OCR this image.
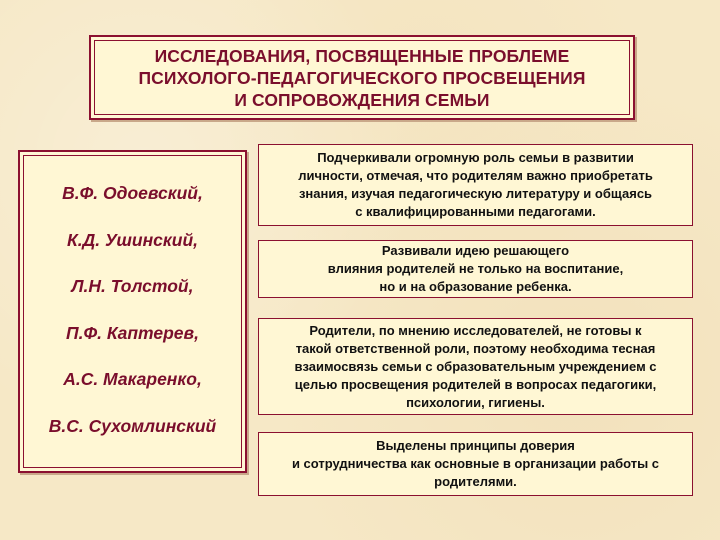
ИССЛЕДОВАНИЯ, ПОСВЯЩЕННЫЕ ПРОБЛЕМЕ
ПСИХОЛОГО-ПЕДАГОГИЧЕСКОГО ПРОСВЕЩЕНИЯ
И СОПРОВОЖДЕНИЯ СЕМЬИ
В.Ф. Одоевский,
К.Д. Ушинский,
Л.Н. Толстой,
П.Ф. Каптерев,
А.С. Макаренко,
В.С. Сухомлинский
Подчеркивали огромную роль семьи в развитии
личности, отмечая, что родителям важно приобретать
знания, изучая педагогическую литературу и общаясь
с квалифицированными педагогами.
Развивали идею решающего
влияния родителей не только на воспитание,
но и на образование ребенка.
Родители, по мнению исследователей, не готовы к
такой ответственной роли, поэтому необходима тесная
взаимосвязь семьи с образовательным учреждением с
целью просвещения родителей в вопросах педагогики,
психологии, гигиены.
Выделены принципы доверия
и сотрудничества как основные в организации работы с
родителями.
